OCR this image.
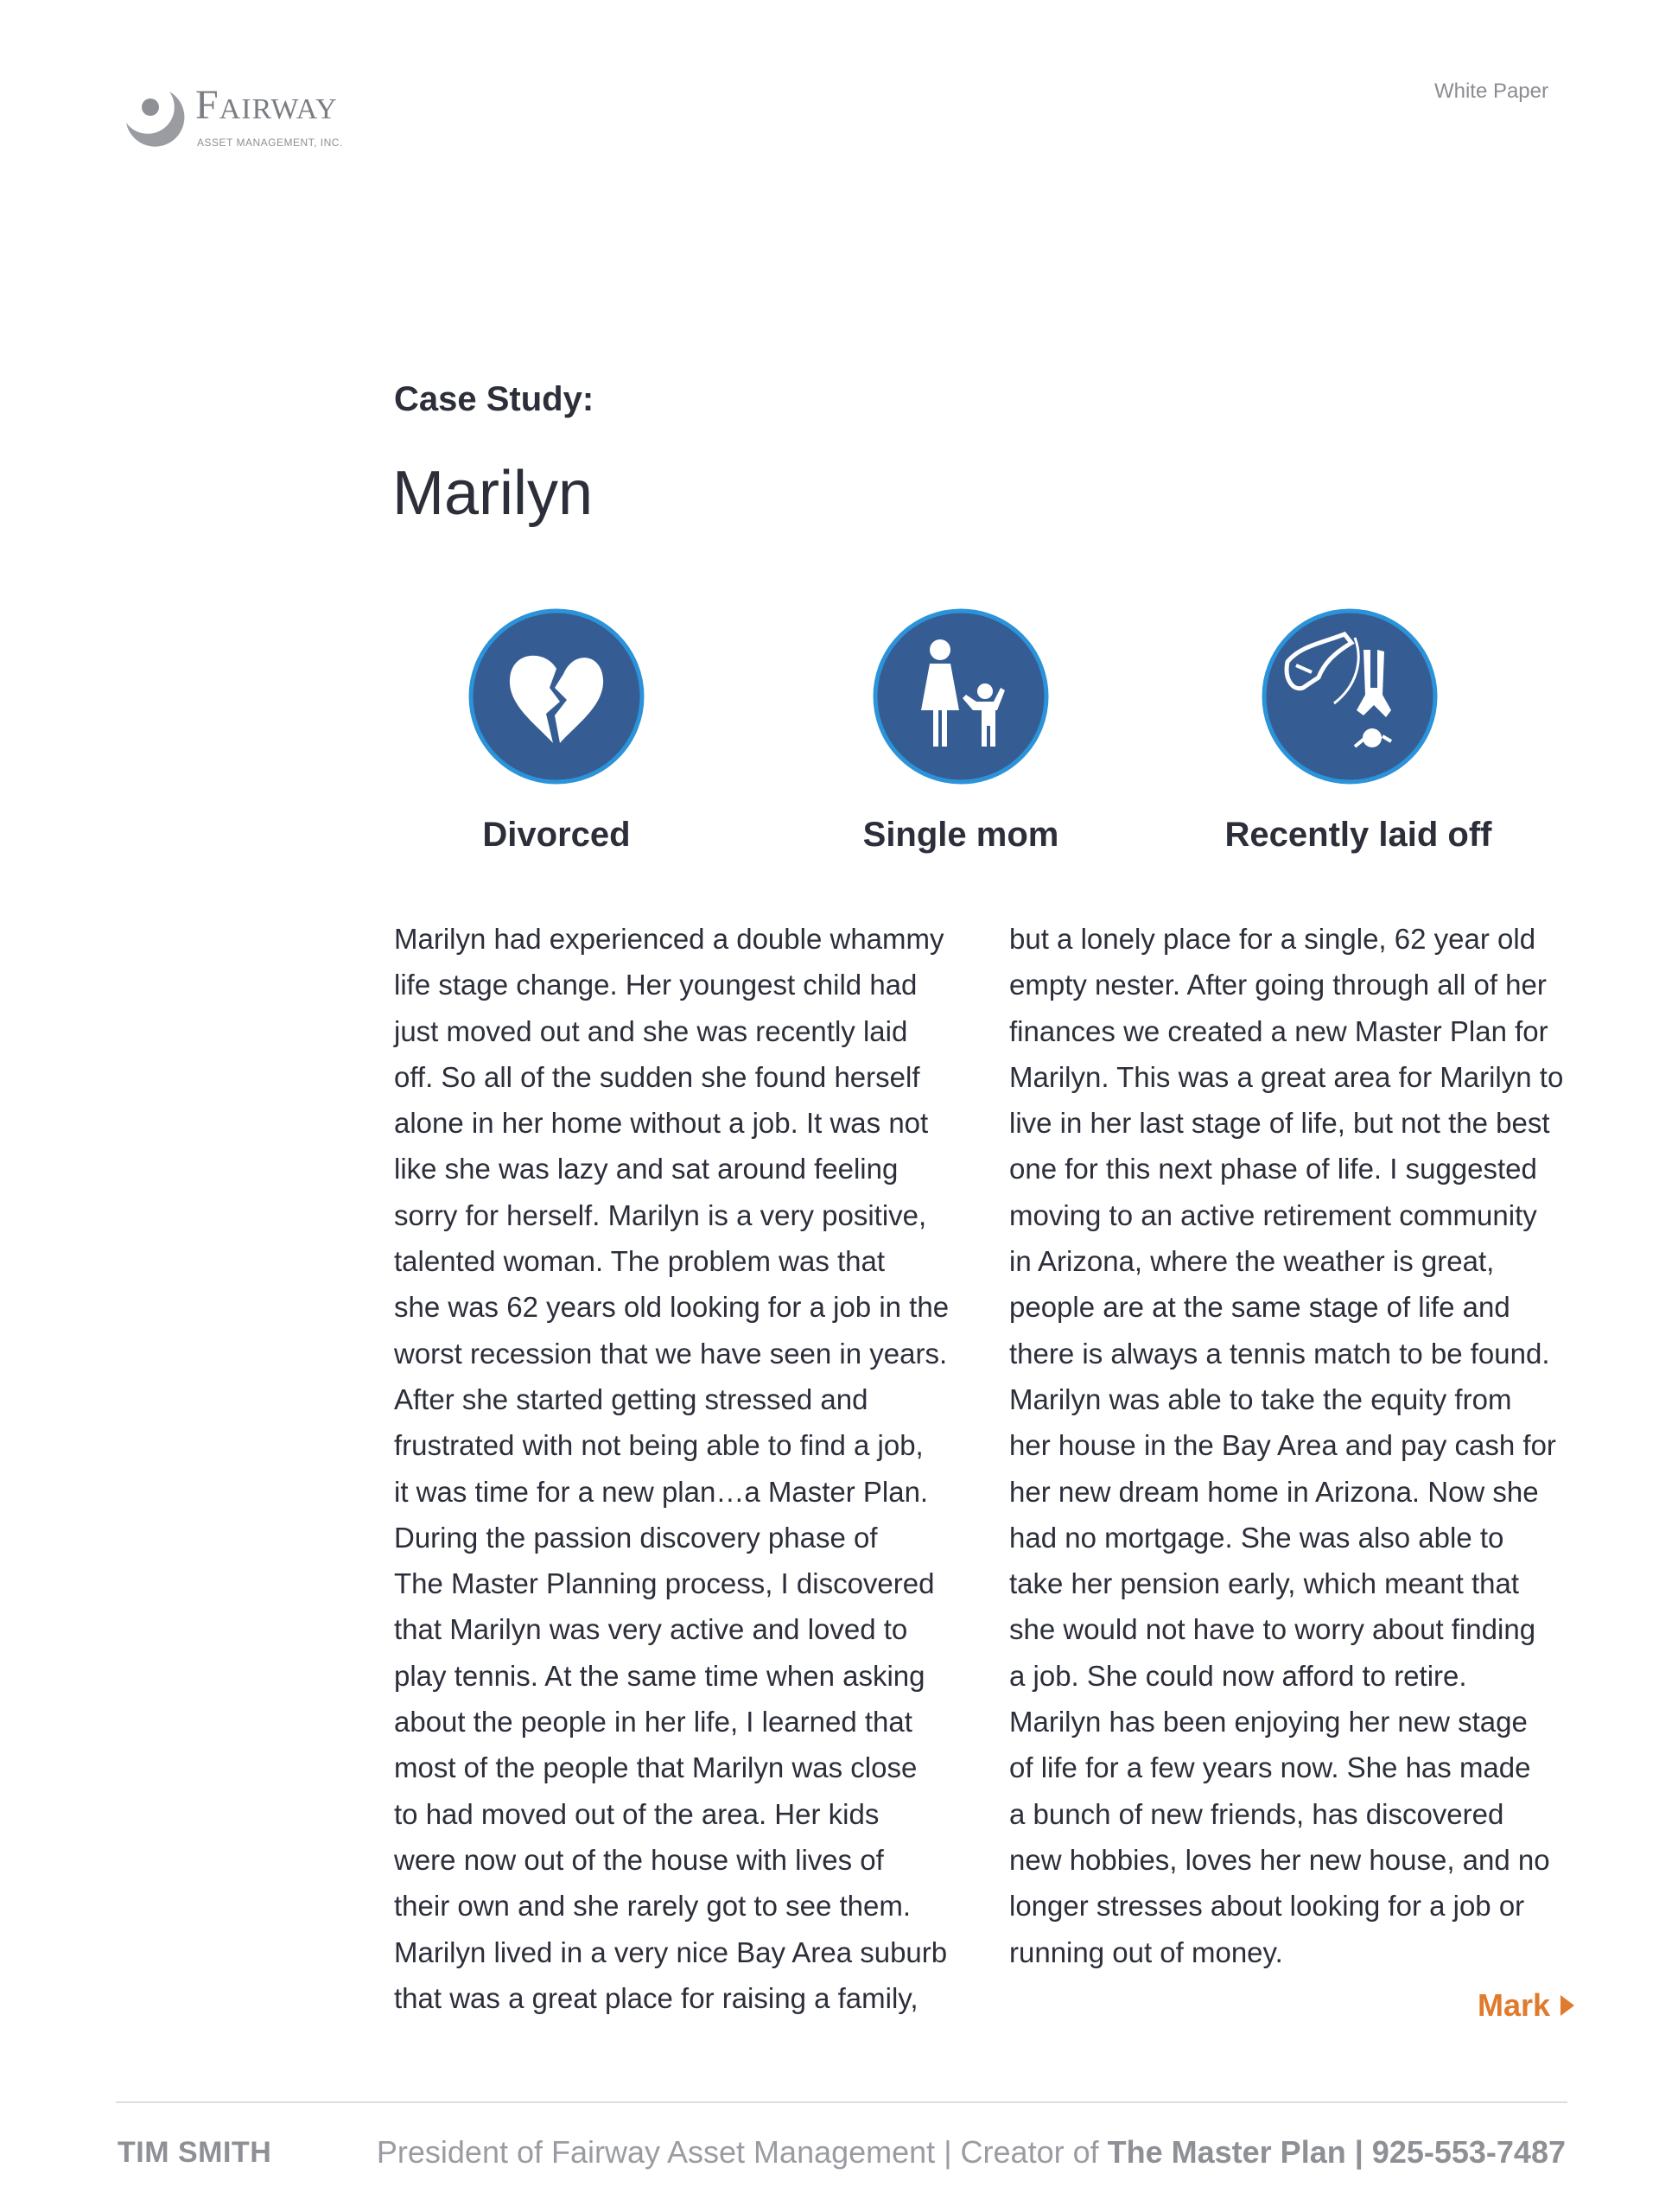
Fairway
ASSET MANAGEMENT, INC.
White Paper
Case Study:
Marilyn
Divorced	Single mom	Recently laid off
Marilyn had experienced a double whammy
life stage change. Her youngest child had
just moved out and she was recently laid
off. So all of the sudden she found herself
alone in her home without a job. It was not
like she was lazy and sat around feeling
sorry for herself. Marilyn is a very positive,
talented woman. The problem was that
she was 62 years old looking for a job in the
worst recession that we have seen in years.
After she started getting stressed and
frustrated with not being able to find a job,
it was time for a new plan…a Master Plan.
During the passion discovery phase of
The Master Planning process, I discovered
that Marilyn was very active and loved to
play tennis. At the same time when asking
about the people in her life, I learned that
most of the people that Marilyn was close
to had moved out of the area. Her kids
were now out of the house with lives of
their own and she rarely got to see them.
Marilyn lived in a very nice Bay Area suburb
that was a great place for raising a family,
but a lonely place for a single, 62 year old
empty nester. After going through all of her
finances we created a new Master Plan for
Marilyn. This was a great area for Marilyn to
live in her last stage of life, but not the best
one for this next phase of life. I suggested
moving to an active retirement community
in Arizona, where the weather is great,
people are at the same stage of life and
there is always a tennis match to be found.
Marilyn was able to take the equity from
her house in the Bay Area and pay cash for
her new dream home in Arizona. Now she
had no mortgage. She was also able to
take her pension early, which meant that
she would not have to worry about finding
a job. She could now afford to retire.
Marilyn has been enjoying her new stage
of life for a few years now. She has made
a bunch of new friends, has discovered
new hobbies, loves her new house, and no
longer stresses about looking for a job or
running out of money.
Mark
TIM SMITH	President of Fairway Asset Management | Creator of The Master Plan | 925-553-7487
